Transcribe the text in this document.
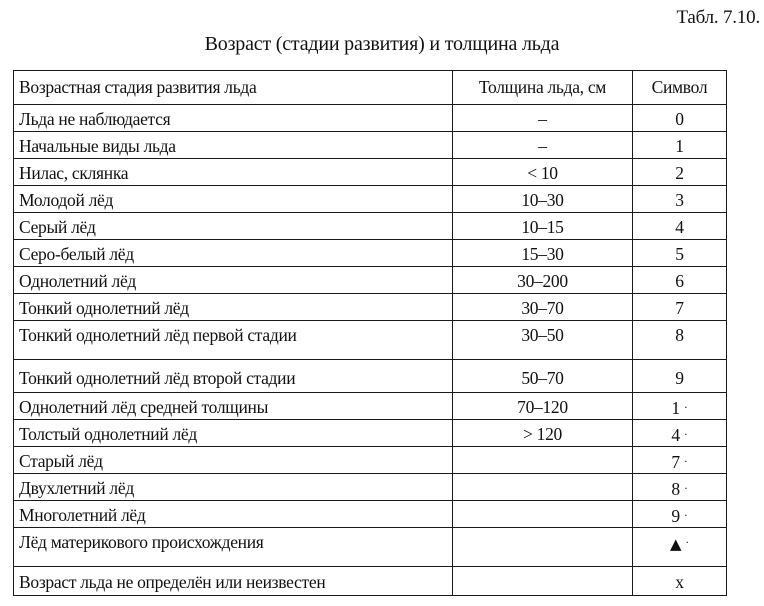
Табл. 7.10.
Возраст (стадии развития) и толщина льда
Возрастная стадия развития льда	Толщина льда, см	Символ
Льда не наблюдается	–	0
Начальные виды льда	–	1
Нилас, склянка	< 10	2
Молодой лёд	10–30	3
Серый лёд	10–15	4
Серо-белый лёд	15–30	5
Однолетний лёд	30–200	6
Тонкий однолетний лёд	30–70	7
Тонкий однолетний лёд первой стадии	30–50	8
Тонкий однолетний лёд второй стадии	50–70	9
Однолетний лёд средней толщины	70–120	1 ·
Толстый однолетний лёд	> 120	4 ·
Старый лёд		7 ·
Двухлетний лёд		8 ·
Многолетний лёд		9 ·
Лёд материкового происхождения		▲ ·
Возраст льда не определён или неизвестен		x
